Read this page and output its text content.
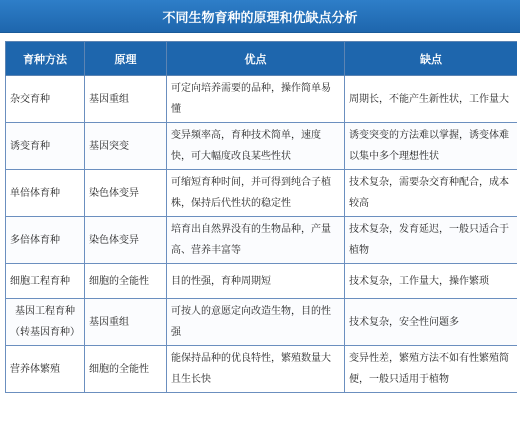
不同生物育种的原理和优缺点分析
育种方法	原理	优点	缺点
杂交育种	基因重组	可定向培养需要的品种，操作简单易懂	周期长，不能产生新性状，工作量大
诱变育种	基因突变	变异频率高，育种技术简单，速度快，可大幅度改良某些性状	诱变突变的方法难以掌握，诱变体难以集中多个理想性状
单倍体育种	染色体变异	可缩短育种时间，并可得到纯合子植株，保持后代性状的稳定性	技术复杂，需要杂交育种配合，成本较高
多倍体育种	染色体变异	培育出自然界没有的生物品种，产量高、营养丰富等	技术复杂，发育延迟，一般只适合于植物
细胞工程育种	细胞的全能性	目的性强，育种周期短	技术复杂，工作量大，操作繁琐
基因工程育种（转基因育种）	基因重组	可按人的意愿定向改造生物，目的性强	技术复杂，安全性问题多
营养体繁殖	细胞的全能性	能保持品种的优良特性，繁殖数量大且生长快	变异性差，繁殖方法不如有性繁殖简便，一般只适用于植物
